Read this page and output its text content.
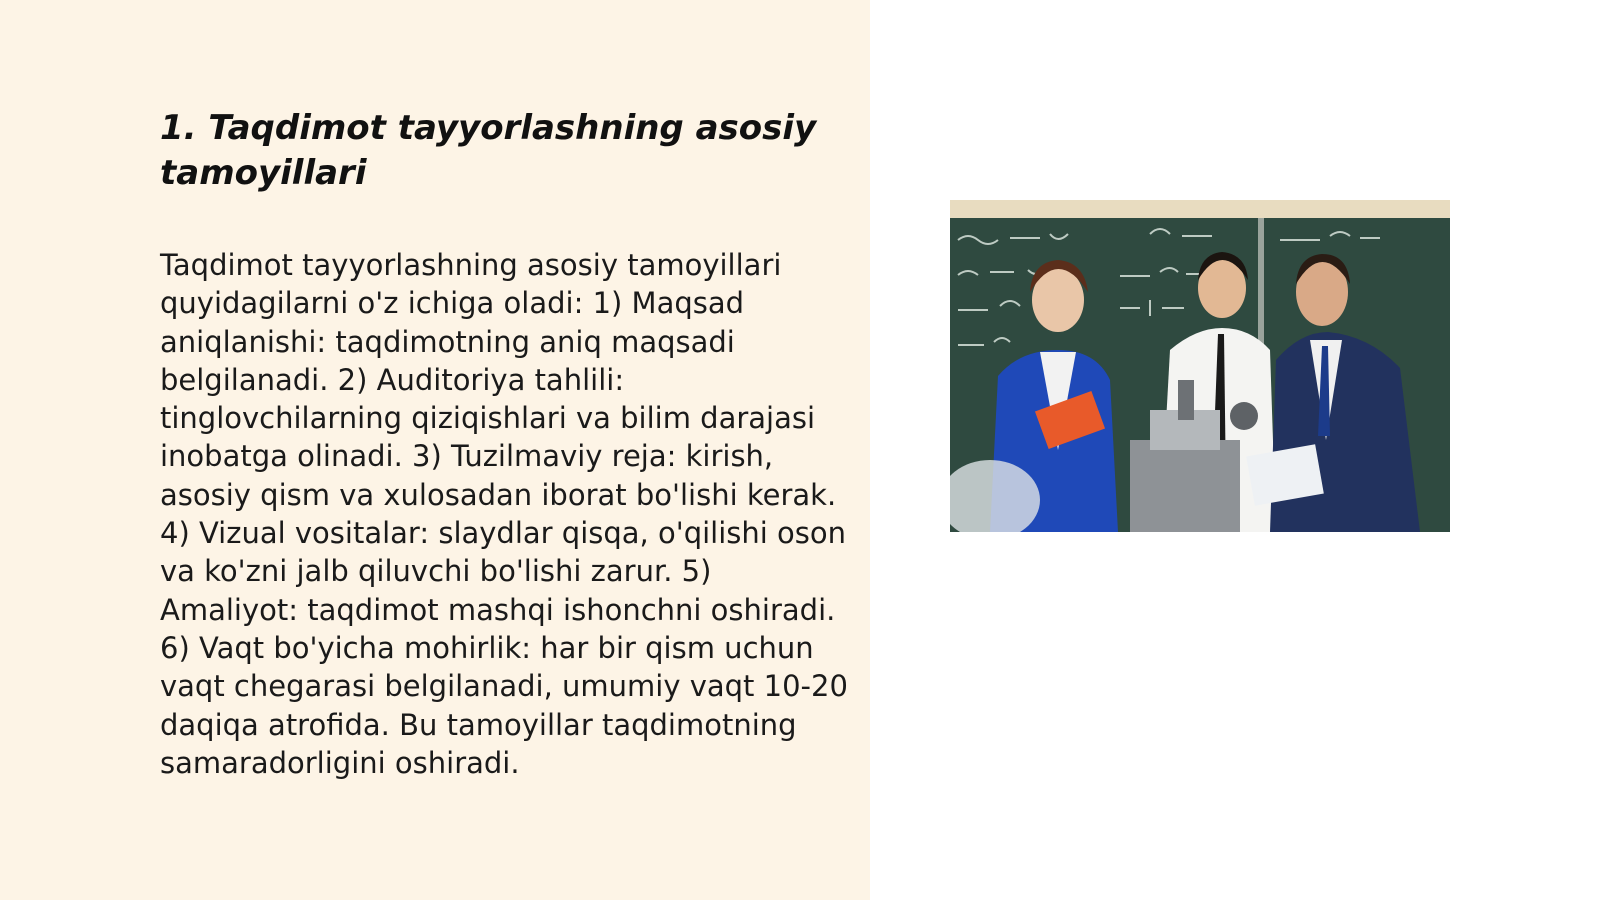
1. Taqdimot tayyorlashning asosiy tamoyillari

Taqdimot tayyorlashning asosiy tamoyillari quyidagilarni o'z ichiga oladi: 1) Maqsad aniqlanishi: taqdimotning aniq maqsadi belgilanadi. 2) Auditoriya tahlili: tinglovchilarning qiziqishlari va bilim darajasi inobatga olinadi. 3) Tuzilmaviy reja: kirish, asosiy qism va xulosadan iborat bo'lishi kerak. 4) Vizual vositalar: slaydlar qisqa, o'qilishi oson va ko'zni jalb qiluvchi bo'lishi zarur. 5) Amaliyot: taqdimot mashqi ishonchni oshiradi. 6) Vaqt bo'yicha mohirlik: har bir qism uchun vaqt chegarasi belgilanadi, umumiy vaqt 10-20 daqiqa atrofida. Bu tamoyillar taqdimotning samaradorligini oshiradi.
